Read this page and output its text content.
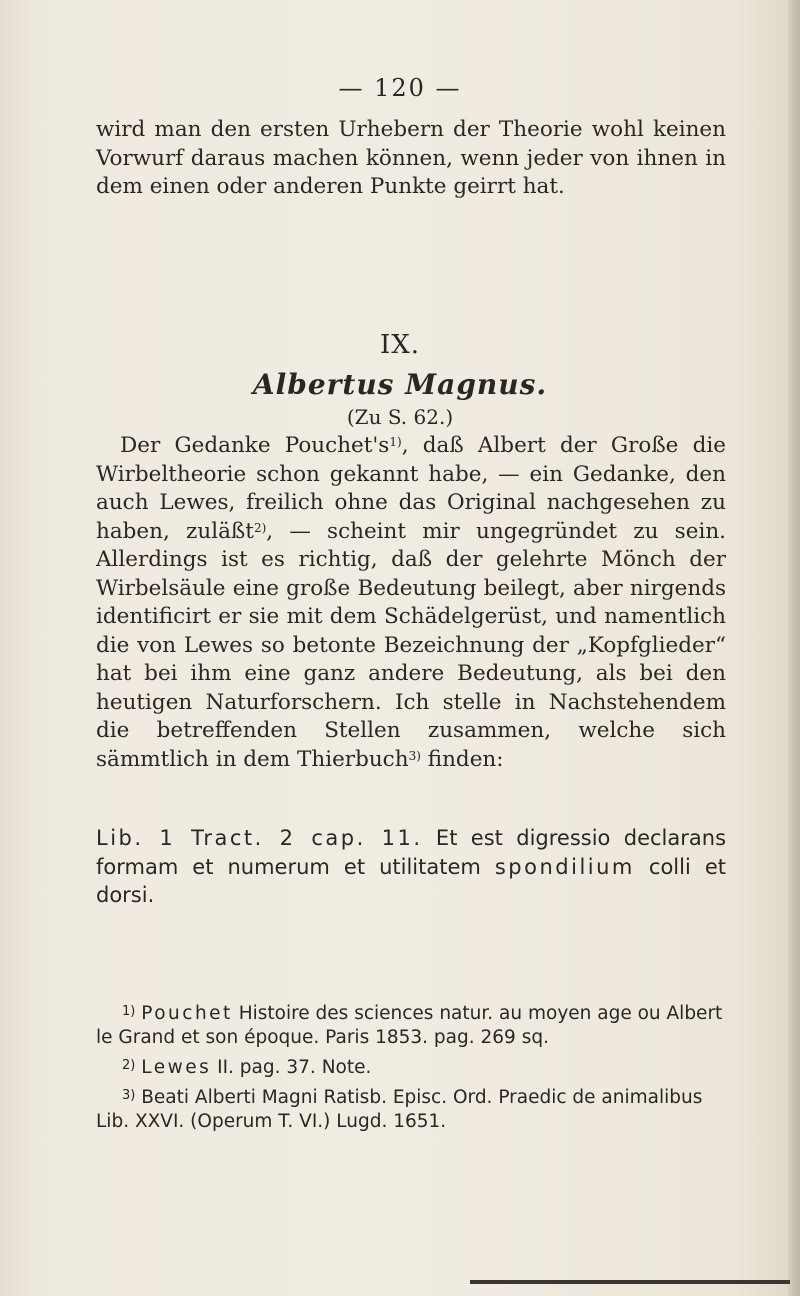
— 120 —
wird man den ersten Urhebern der Theorie wohl keinen Vorwurf daraus machen können, wenn jeder von ihnen in dem einen oder anderen Punkte geirrt hat.
IX.
Albertus Magnus.
(Zu S. 62.)

Der Gedanke $Pouchet's^{1)}$, daß Albert der Große die Wirbeltheorie schon gekannt habe, — ein Gedanke, den auch Lewes, freilich ohne das Original nachgesehen zu haben, zuläßt$^{2)}$, — scheint mir ungegründet zu sein. Allerdings ist es richtig, daß der gelehrte Mönch der Wirbelsäule eine große Bedeutung beilegt, aber nirgends identificirt er sie mit dem Schädelgerüst, und namentlich die von Lewes so betonte Bezeichnung der „Kopfglieder“ hat bei ihm eine ganz andere Bedeutung, als bei den heutigen Naturforschern. Ich stelle in Nachstehendem die betreffenden Stellen zusammen, welche sich sämmtlich in dem Thierbuch$^{3)}$ finden:

Lib. 1 Tract. 2 cap. 11. Et est digressio declarans formam et numerum et utilitatem spondilium colli et dorsi.

$^{1)}$ Pouchet Histoire des sciences natur. au moyen age ou Albert le Grand et son époque. Paris 1853. pag. 269 sq.

$^{2)}$ Lewes II. pag. 37. Note.

$^{3)}$ Beati Alberti Magni Ratisb. Episc. Ord. Praedic de animalibus Lib. XXVI. (Operum T. VI.) Lugd. 1651.
